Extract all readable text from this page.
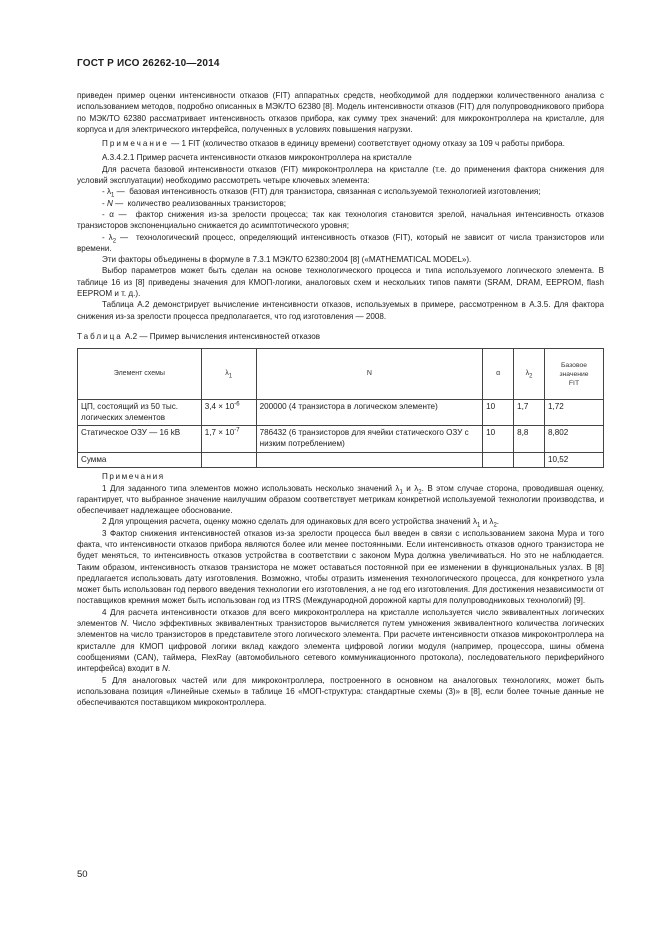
ГОСТ Р ИСО 26262-10—2014

приведен пример оценки интенсивности отказов (FIT) аппаратных средств, необходимой для поддержки количественного анализа с использованием методов, подробно описанных в МЭК/ТО 62380 [8]. Модель интенсивности отказов (FIT) для полупроводникового прибора по МЭК/ТО 62380 рассматривает интенсивность отказов прибора, как сумму трех значений: для микроконтроллера на кристалле, для корпуса и для электрического интерфейса, полученных в условиях повышения нагрузки.

Примечание — 1 FIT (количество отказов в единицу времени) соответствует одному отказу за 109 ч работы прибора.

А.3.4.2.1 Пример расчета интенсивности отказов микроконтроллера на кристалле

Для расчета базовой интенсивности отказов (FIT) микроконтроллера на кристалле (т.е. до применения фактора снижения для условий эксплуатации) необходимо рассмотреть четыре ключевых элемента:

- $\lambda_1$ — базовая интенсивность отказов (FIT) для транзистора, связанная с используемой технологией изготовления;

- N — количество реализованных транзисторов;

- α — фактор снижения из-за зрелости процесса; так как технология становится зрелой, начальная интенсивность отказов транзисторов экспоненциально снижается до асимптотического уровня;

- $\lambda_2$ — технологический процесс, определяющий интенсивность отказов (FIT), который не зависит от числа транзисторов или времени.

Эти факторы объединены в формуле в 7.3.1 МЭК/ТО 62380:2004 [8] («MATHEMATICAL MODEL»).

Выбор параметров может быть сделан на основе технологического процесса и типа используемого логического элемента. В таблице 16 из [8] приведены значения для КМОП-логики, аналоговых схем и нескольких типов памяти (SRAM, DRAM, EEPROM, flash EEPROM и т. д.).

Таблица А.2 демонстрирует вычисление интенсивности отказов, используемых в примере, рассмотренном в А.3.5. Для фактора снижения из-за зрелости процесса предполагается, что год изготовления — 2008.

Таблица А.2 — Пример вычисления интенсивностей отказов

Элемент схемы	$\lambda_1$	N	α	$\lambda_2$	Базовое
значение
FIT
ЦП, состоящий из 50 тыс. логических элементов	$3,4 \times 10^{-6}$	200000 (4 транзистора в логическом элементе)	10	1,7	1,72
Статическое ОЗУ — 16 kB	$1,7 \times 10^{-7}$	786432 (6 транзисторов для ячейки статического ОЗУ с низким потреблением)	10	8,8	8,802
Сумма					10,52

Примечания

1 Для заданного типа элементов можно использовать несколько значений $\lambda_1$ и $\lambda_2$. В этом случае сторона, проводившая оценку, гарантирует, что выбранное значение наилучшим образом соответствует метрикам конкретной используемой технологии производства, и обеспечивает надлежащее обоснование.

2 Для упрощения расчета, оценку можно сделать для одинаковых для всего устройства значений $\lambda_1$ и $\lambda_2$.

3 Фактор снижения интенсивностей отказов из-за зрелости процесса был введен в связи с использованием закона Мура и того факта, что интенсивности отказов прибора являются более или менее постоянными. Если интенсивность отказов одного транзистора не будет меняться, то интенсивность отказов устройства в соответствии с законом Мура должна увеличиваться. Но это не наблюдается. Таким образом, интенсивность отказов транзистора не может оставаться постоянной при ее изменении в функциональных узлах. В [8] предлагается использовать дату изготовления. Возможно, чтобы отразить изменения технологического процесса, для конкретного узла может быть использован год первого введения технологии его изготовления, а не год его изготовления. Для достижения независимости от поставщиков кремния может быть использован год из ITRS (Международной дорожной карты для полупроводниковых технологий) [9].

4 Для расчета интенсивности отказов для всего микроконтроллера на кристалле используется число эквивалентных логических элементов N. Число эффективных эквивалентных транзисторов вычисляется путем умножения эквивалентного количества логических элементов на число транзисторов в представителе этого логического элемента. При расчете интенсивности отказов микроконтроллера на кристалле для КМОП цифровой логики вклад каждого элемента цифровой логики модуля (например, процессора, шины обмена сообщениями (CAN), таймера, FlexRay (автомобильного сетевого коммуникационного протокола), последовательного периферийного интерфейса) входит в N.

5 Для аналоговых частей или для микроконтроллера, построенного в основном на аналоговых технологиях, может быть использована позиция «Линейные схемы» в таблице 16 «МОП-структура: стандартные схемы (3)» в [8], если более точные данные не обеспечиваются поставщиком микроконтроллера.

50
